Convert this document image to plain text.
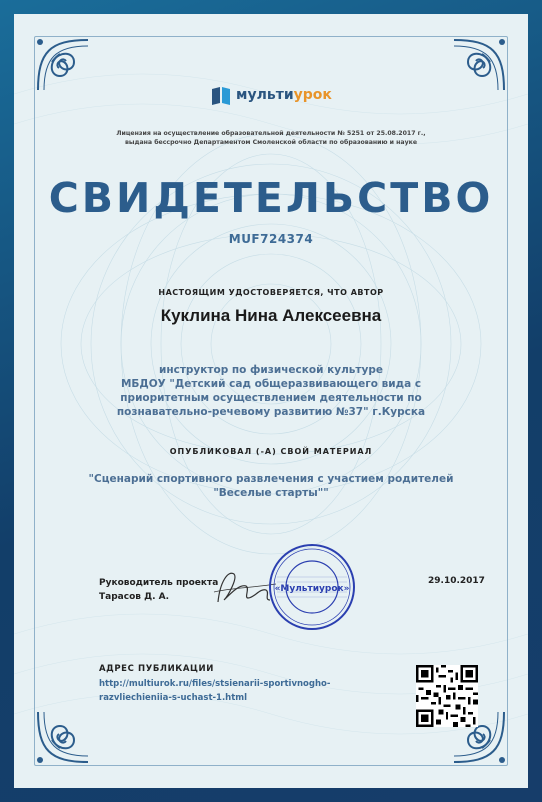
мультиурок
Лицензия на осуществление образовательной деятельности № 5251 от 25.08.2017 г.,
выдана бессрочно Департаментом Смоленской области по образованию и науке
СВИДЕТЕЛЬСТВО
MUF724374
НАСТОЯЩИМ УДОСТОВЕРЯЕТСЯ, ЧТО АВТОР
Куклина Нина Алексеевна
инструктор по физической культуре
МБДОУ "Детский сад общеразвивающего вида с
приоритетным осуществлением деятельности по
познавательно-речевому развитию №37" г.Курска
ОПУБЛИКОВАЛ (-А) СВОЙ МАТЕРИАЛ
"Сценарий спортивного развлечения с участием родителей
"Веселые старты""
Руководитель проекта
Тарасов Д. А.
«Мультиурок»
29.10.2017
АДРЕС ПУБЛИКАЦИИ
http://multiurok.ru/files/stsienarii-sportivnogho-
razvliechieniia-s-uchast-1.html
